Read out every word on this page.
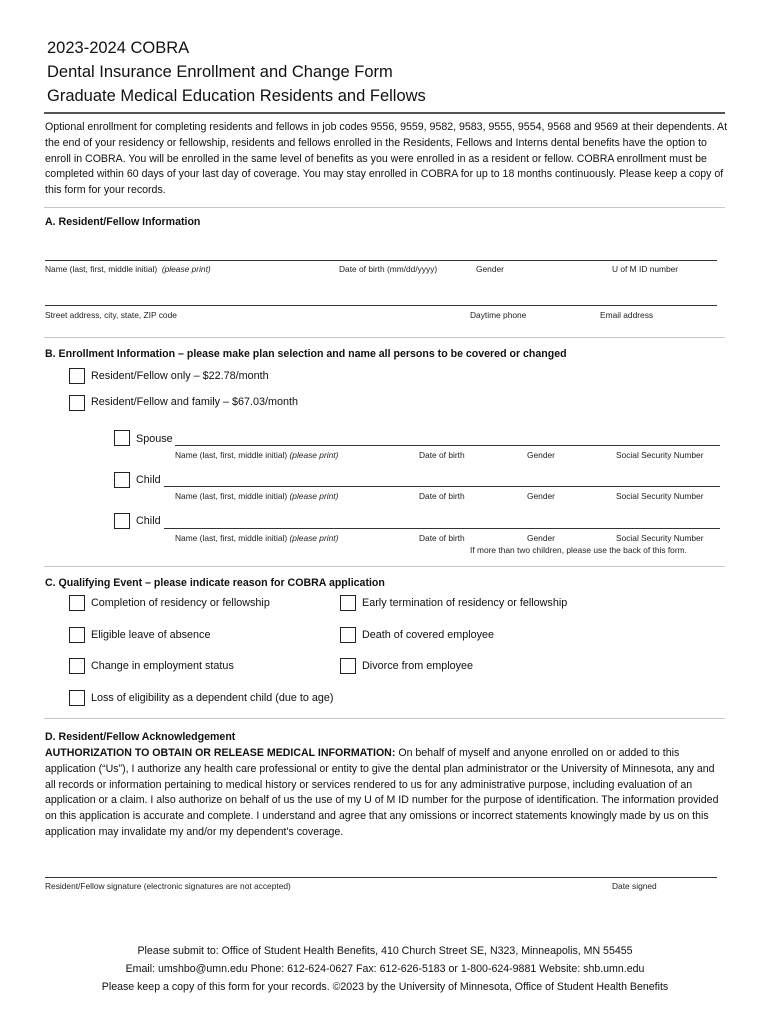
2023-2024 COBRA
Dental Insurance Enrollment and Change Form
Graduate Medical Education Residents and Fellows
Optional enrollment for completing residents and fellows in job codes 9556, 9559, 9582, 9583, 9555, 9554, 9568 and 9569 at their dependents. At the end of your residency or fellowship, residents and fellows enrolled in the Residents, Fellows and Interns dental benefits have the option to enroll in COBRA. You will be enrolled in the same level of benefits as you were enrolled in as a resident or fellow. COBRA enrollment must be completed within 60 days of your last day of coverage. You may stay enrolled in COBRA for up to 18 months continuously. Please keep a copy of this form for your records.
A. Resident/Fellow Information
Name (last, first, middle initial) (please print)	Date of birth (mm/dd/yyyy)	Gender	U of M ID number
Street address, city, state, ZIP code	Daytime phone	Email address
B. Enrollment Information – please make plan selection and name all persons to be covered or changed
Resident/Fellow only – $22.78/month
Resident/Fellow and family – $67.03/month
Spouse
Name (last, first, middle initial) (please print)	Date of birth	Gender	Social Security Number
Child
Name (last, first, middle initial) (please print)	Date of birth	Gender	Social Security Number
Child
Name (last, first, middle initial) (please print)	Date of birth	Gender	Social Security Number
If more than two children, please use the back of this form.
C. Qualifying Event – please indicate reason for COBRA application
Completion of residency or fellowship	Early termination of residency or fellowship
Eligible leave of absence	Death of covered employee
Change in employment status	Divorce from employee
Loss of eligibility as a dependent child (due to age)
D. Resident/Fellow Acknowledgement
AUTHORIZATION TO OBTAIN OR RELEASE MEDICAL INFORMATION: On behalf of myself and anyone enrolled on or added to this application (“Us”), I authorize any health care professional or entity to give the dental plan administrator or the University of Minnesota, any and all records or information pertaining to medical history or services rendered to us for any administrative purpose, including evaluation of an application or a claim. I also authorize on behalf of us the use of my U of M ID number for the purpose of identification. The information provided on this application is accurate and complete. I understand and agree that any omissions or incorrect statements knowingly made by us on this application may invalidate my and/or my dependent's coverage.
Resident/Fellow signature (electronic signatures are not accepted)	Date signed
Please submit to: Office of Student Health Benefits, 410 Church Street SE, N323, Minneapolis, MN 55455
Email: umshbo@umn.edu Phone: 612-624-0627 Fax: 612-626-5183 or 1-800-624-9881 Website: shb.umn.edu
Please keep a copy of this form for your records. ©2023 by the University of Minnesota, Office of Student Health Benefits
